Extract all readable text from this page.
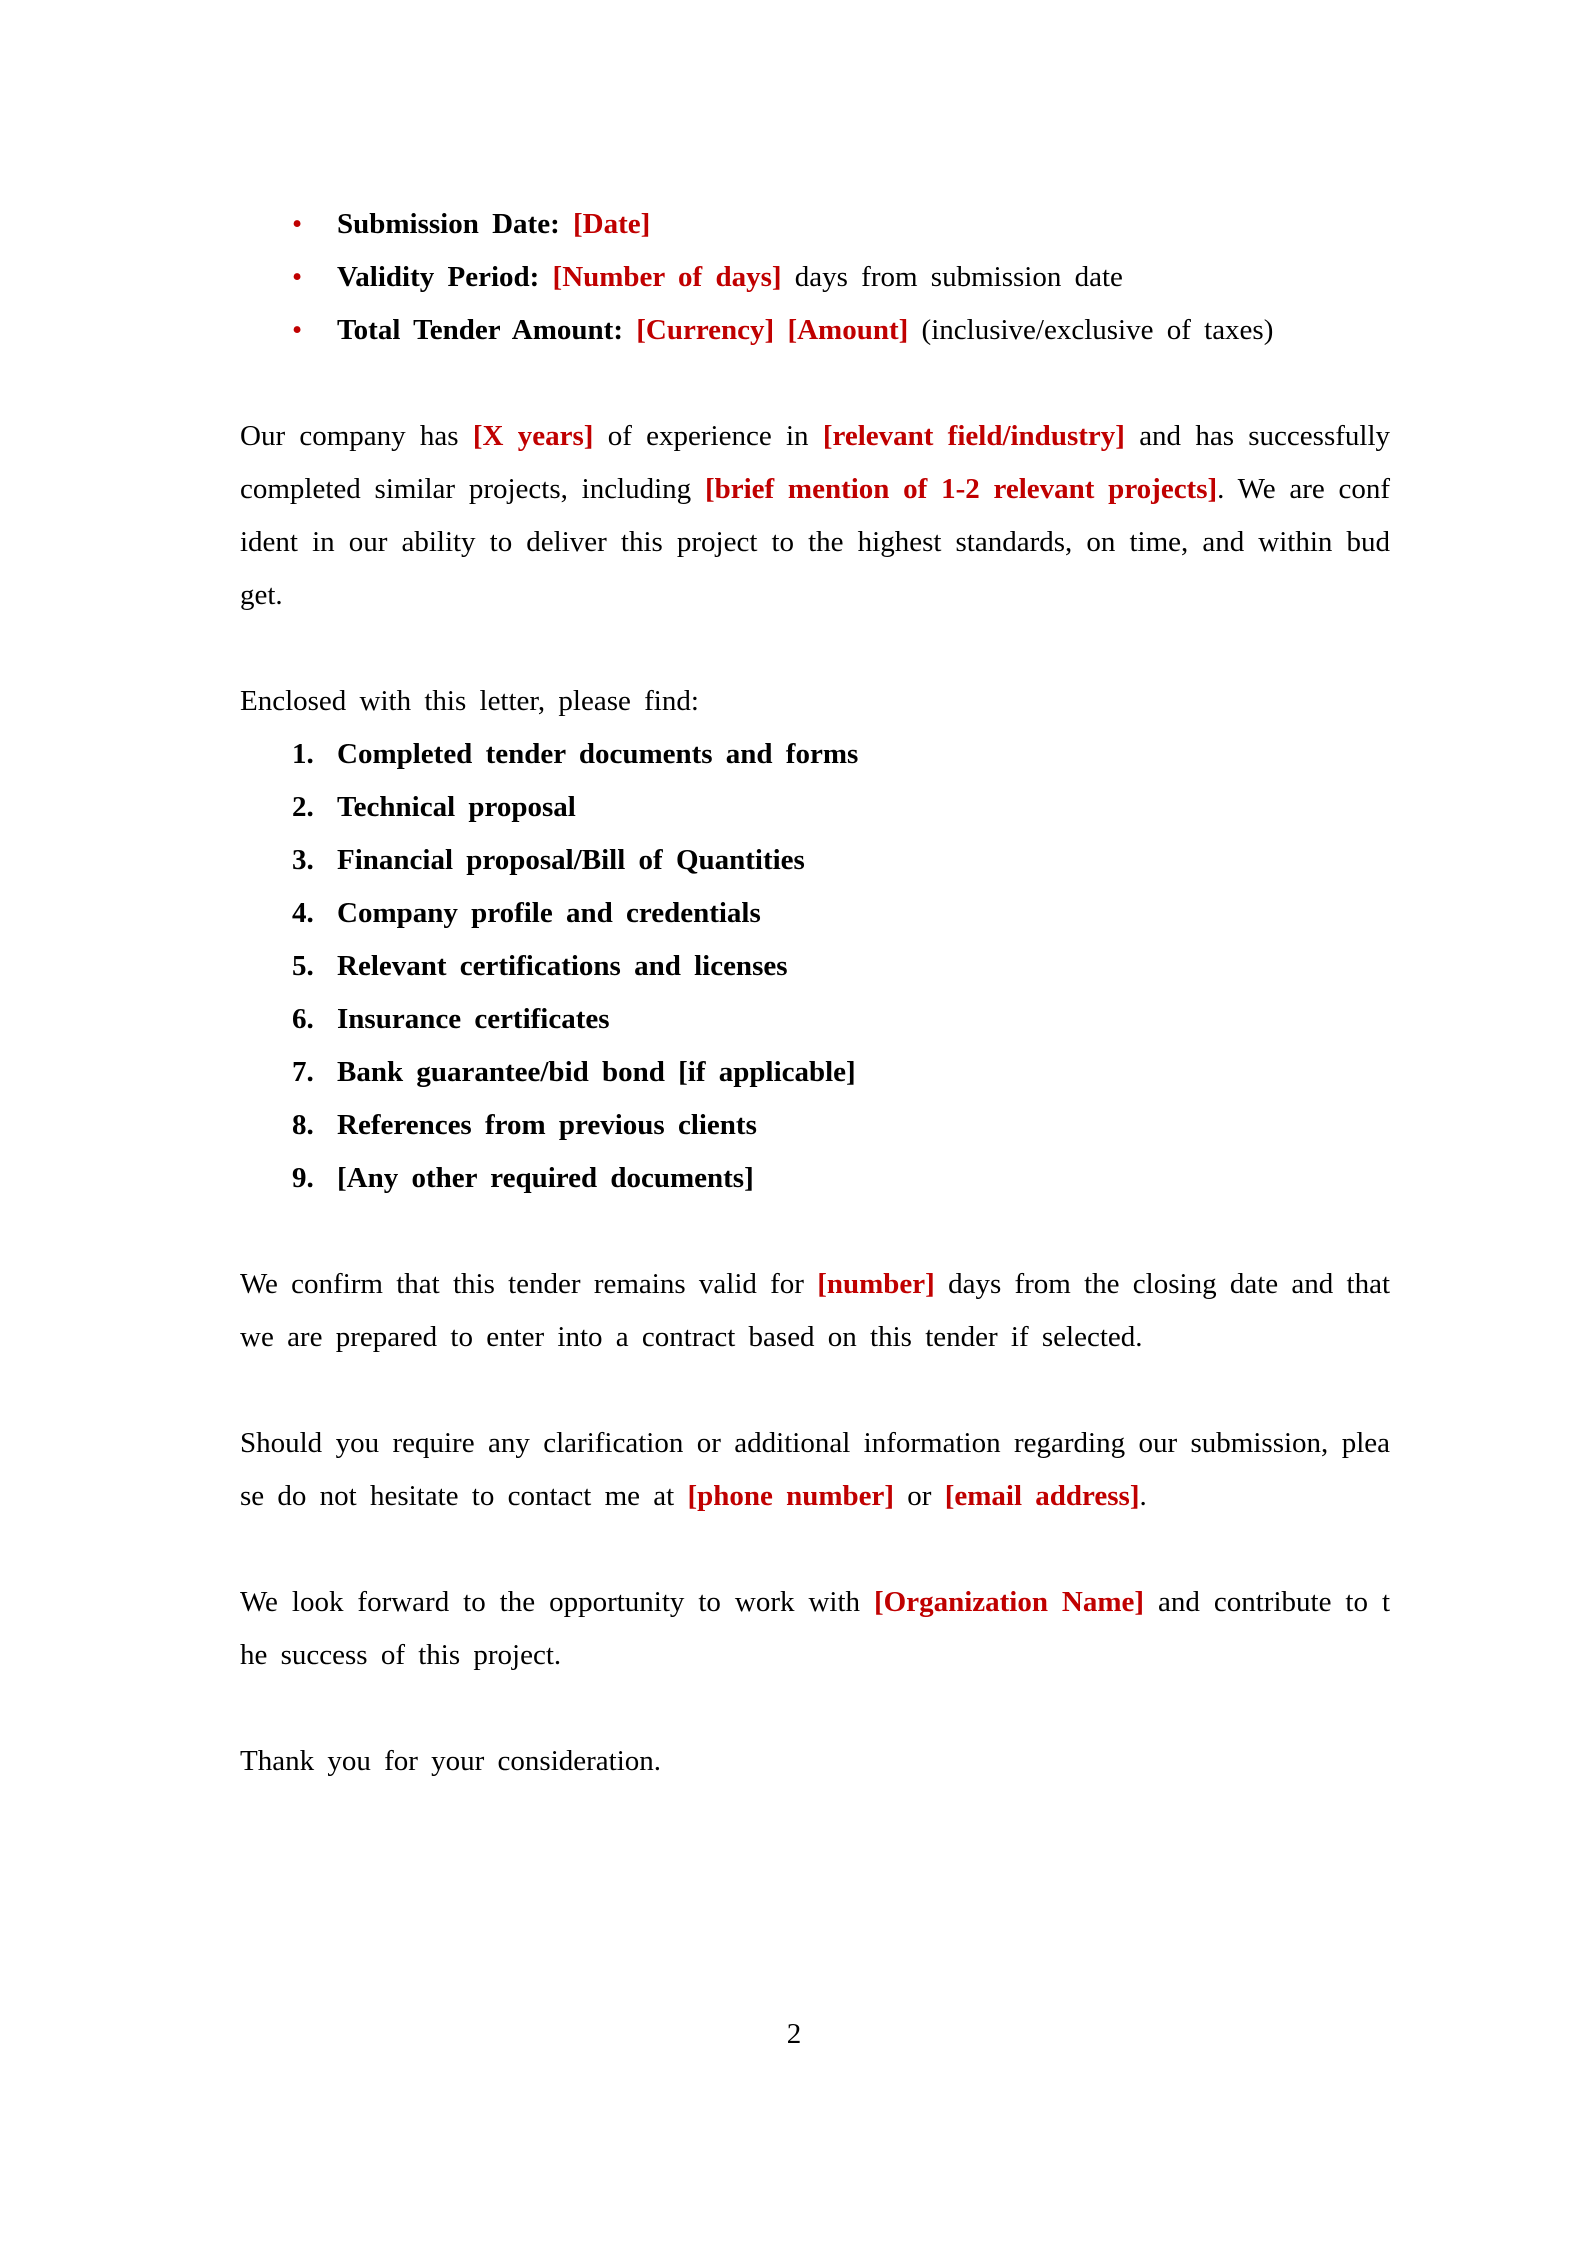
•	Submission Date: [Date]
•	Validity Period: [Number of days] days from submission date
•	Total Tender Amount: [Currency] [Amount] (inclusive/exclusive of taxes)

Our company has [X years] of experience in [relevant field/industry] and has successfully completed similar projects, including [brief mention of 1-2 relevant projects]. We are confident in our ability to deliver this project to the highest standards, on time, and within budget.

Enclosed with this letter, please find:

1. Completed tender documents and forms
2. Technical proposal
3. Financial proposal/Bill of Quantities
4. Company profile and credentials
5. Relevant certifications and licenses
6. Insurance certificates
7. Bank guarantee/bid bond [if applicable]
8. References from previous clients
9. [Any other required documents]

We confirm that this tender remains valid for [number] days from the closing date and that we are prepared to enter into a contract based on this tender if selected.

Should you require any clarification or additional information regarding our submission, please do not hesitate to contact me at [phone number] or [email address].

We look forward to the opportunity to work with [Organization Name] and contribute to the success of this project.

Thank you for your consideration.

2
